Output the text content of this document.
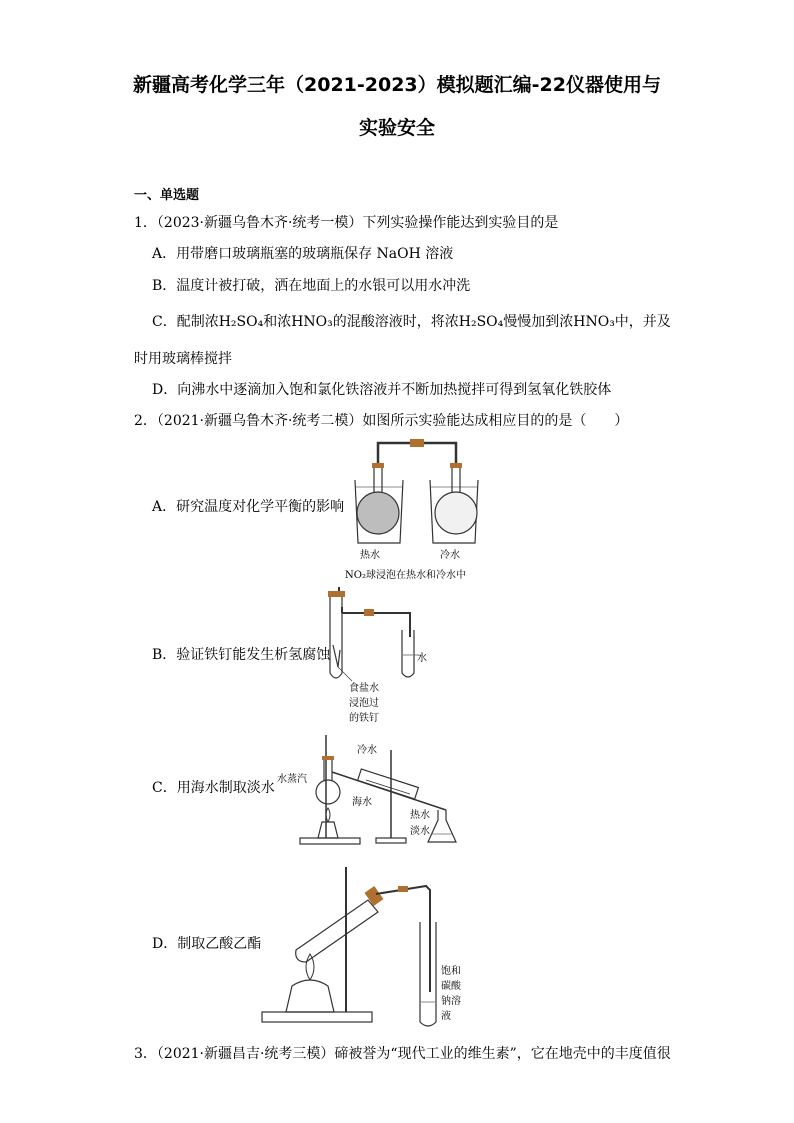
新疆高考化学三年（2021-2023）模拟题汇编-22仪器使用与
实验安全
一、单选题
1．（2023·新疆乌鲁木齐·统考一模）下列实验操作能达到实验目的是
A．用带磨口玻璃瓶塞的玻璃瓶保存 NaOH 溶液
B．温度计被打破，洒在地面上的水银可以用水冲洗
C．配制浓H₂SO₄和浓HNO₃的混酸溶液时，将浓H₂SO₄慢慢加到浓HNO₃中，并及
时用玻璃棒搅拌
D．向沸水中逐滴加入饱和氯化铁溶液并不断加热搅拌可得到氢氧化铁胶体
2．（2021·新疆乌鲁木齐·统考二模）如图所示实验能达成相应目的的是（　　）
A．研究温度对化学平衡的影响
B．验证铁钉能发生析氢腐蚀
C．用海水制取淡水
D．制取乙酸乙酯
热水	冷水
NO₂球浸泡在热水和冷水中
水
食盐水
浸泡过
的铁钉
冷水
水蒸汽
海水
热水
淡水
饱和
碳酸
钠溶
液
3．（2021·新疆昌吉·统考三模）碲被誉为“现代工业的维生素”，它在地壳中的丰度值很
